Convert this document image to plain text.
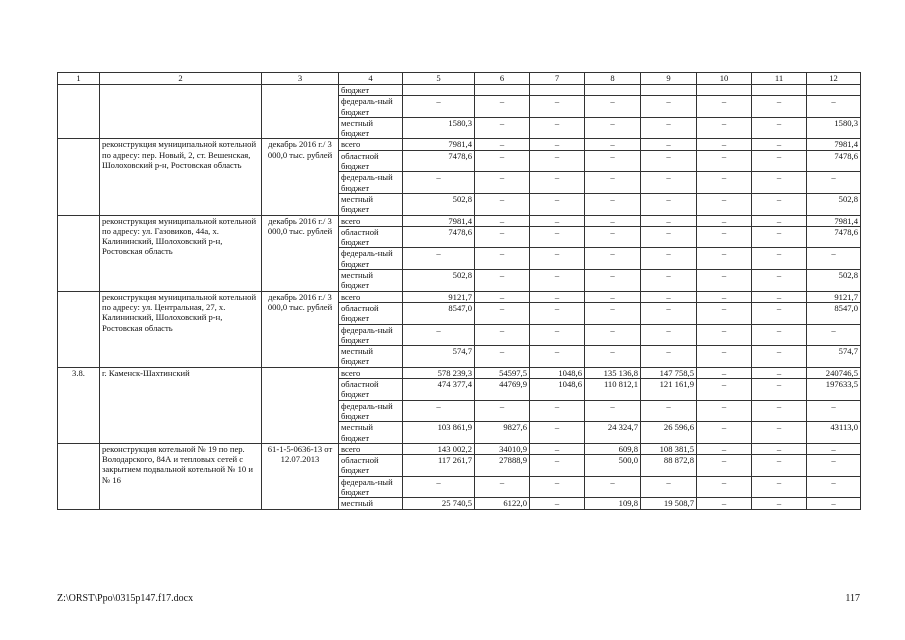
1	2	3	4	5	6	7	8	9	10	11	12
			бюджет								
			федераль-ный бюджет	–	–	–	–	–	–	–	–
			местный бюджет	1580,3	–	–	–	–	–	–	1580,3
	реконструкция муниципальной котельной по адресу: пер. Новый, 2, ст. Вешенская, Шолоховский р-н, Ростовская область	декабрь 2016 г./ 3 000,0 тыс. рублей	всего	7981,4	–	–	–	–	–	–	7981,4
			областной бюджет	7478,6	–	–	–	–	–	–	7478,6
			федераль-ный бюджет	–	–	–	–	–	–	–	–
			местный бюджет	502,8	–	–	–	–	–	–	502,8
	реконструкция муниципальной котельной по адресу: ул. Газовиков, 44а, х. Калининский, Шолоховский р-н, Ростовская область	декабрь 2016 г./ 3 000,0 тыс. рублей	всего	7981,4	–	–	–	–	–	–	7981,4
			областной бюджет	7478,6	–	–	–	–	–	–	7478,6
			федераль-ный бюджет	–	–	–	–	–	–	–	–
			местный бюджет	502,8	–	–	–	–	–	–	502,8
	реконструкция муниципальной котельной по адресу: ул. Центральная, 27, х. Калининский, Шолоховский р-н, Ростовская область	декабрь 2016 г./ 3 000,0 тыс. рублей	всего	9121,7	–	–	–	–	–	–	9121,7
			областной бюджет	8547,0	–	–	–	–	–	–	8547,0
			федераль-ный бюджет	–	–	–	–	–	–	–	–
			местный бюджет	574,7	–	–	–	–	–	–	574,7
3.8.	г. Каменск-Шахтинский		всего	578 239,3	54597,5	1048,6	135 136,8	147 758,5	–	–	240746,5
			областной бюджет	474 377,4	44769,9	1048,6	110 812,1	121 161,9	–	–	197633,5
			федераль-ный бюджет	–	–	–	–	–	–	–	–
			местный бюджет	103 861,9	9827,6	–	24 324,7	26 596,6	–	–	43113,0
	реконструкция котельной № 19 по пер. Володарского, 84А и тепловых сетей с закрытием подвальной котельной № 10 и № 16	61-1-5-0636-13 от 12.07.2013	всего	143 002,2	34010,9	–	609,8	108 381,5	–	–	–
			областной бюджет	117 261,7	27888,9	–	500,0	88 872,8	–	–	–
			федераль-ный бюджет	–	–	–	–	–	–	–	–
			местный	25 740,5	6122,0	–	109,8	19 508,7	–	–	–
Z:\ORST\Ppo\0315p147.f17.docx	117
